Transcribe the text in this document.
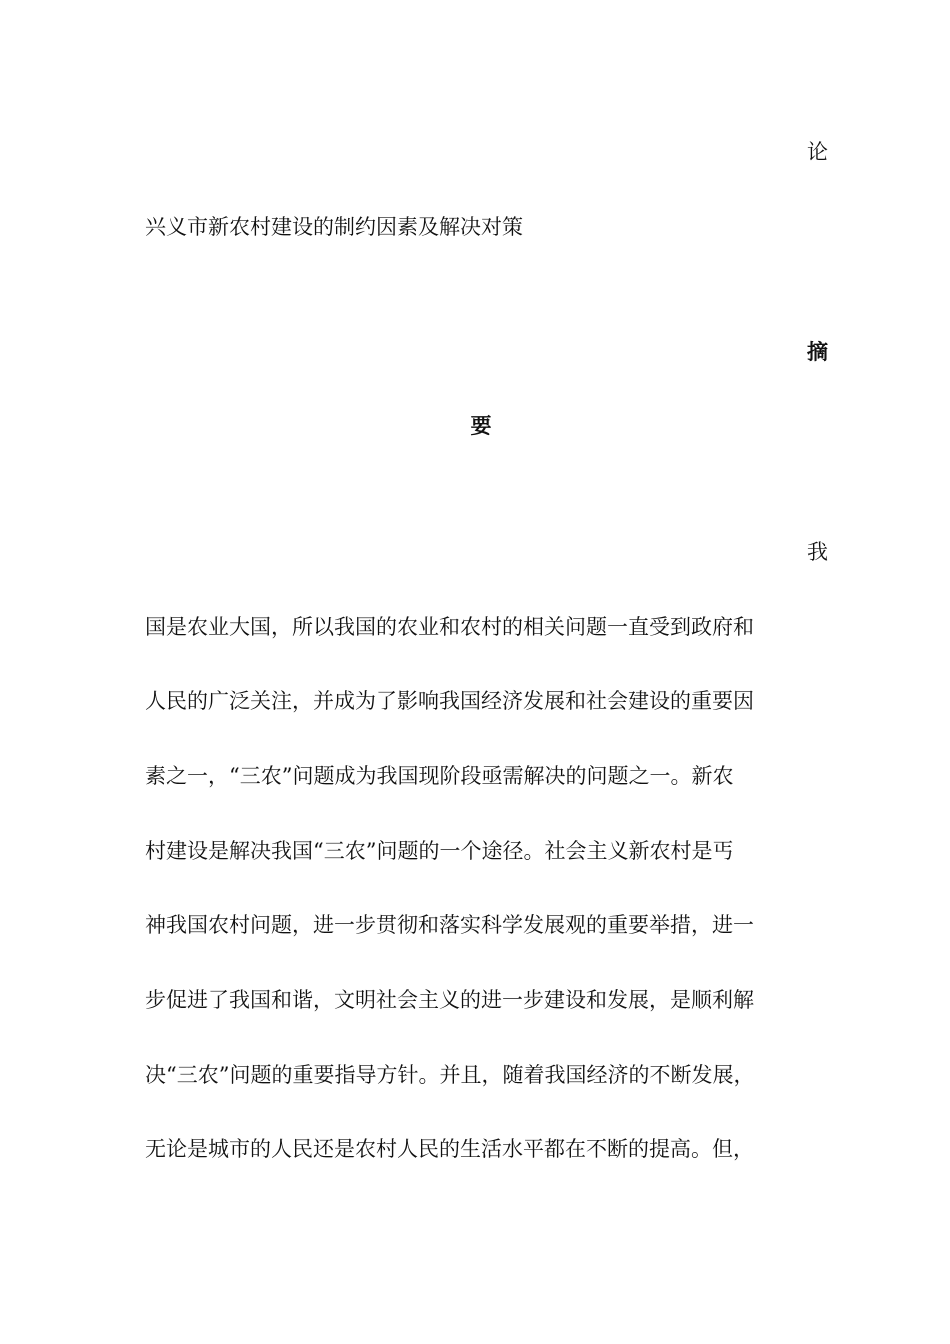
论
兴义市新农村建设的制约因素及解决对策
摘
要
我
国是农业大国，所以我国的农业和农村的相关问题一直受到政府和
人民的广泛关注，并成为了影响我国经济发展和社会建设的重要因
素之一，“三农”问题成为我国现阶段亟需解决的问题之一。新农
村建设是解决我国“三农”问题的一个途径。社会主义新农村是丐
神我国农村问题，进一步贯彻和落实科学发展观的重要举措，进一
步促进了我国和谐，文明社会主义的进一步建设和发展，是顺利解
决“三农”问题的重要指导方针。并且，随着我国经济的不断发展，
无论是城市的人民还是农村人民的生活水平都在不断的提高。但，
